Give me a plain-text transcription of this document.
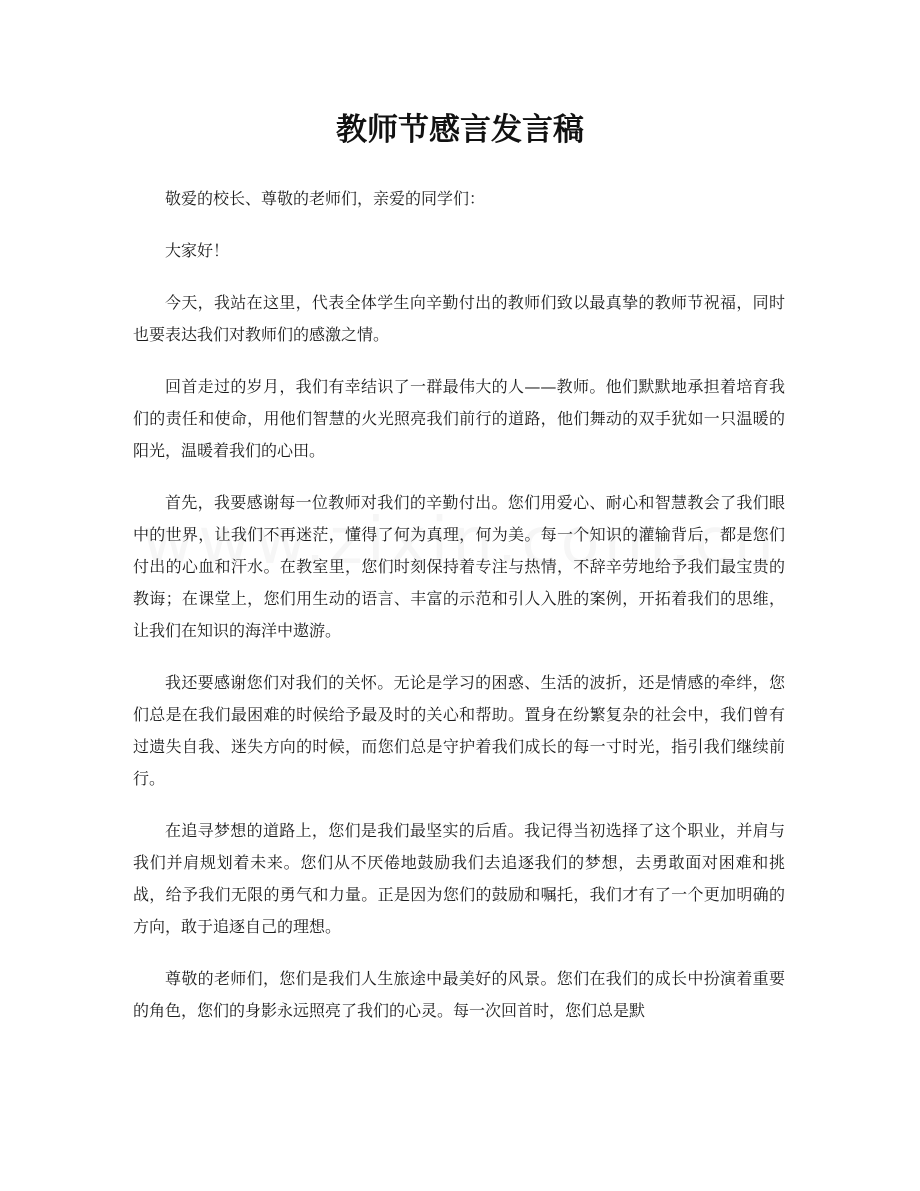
教师节感言发言稿

敬爱的校长、尊敬的老师们，亲爱的同学们：

大家好！

今天，我站在这里，代表全体学生向辛勤付出的教师们致以最真挚的教师节祝福，同时也要表达我们对教师们的感激之情。

回首走过的岁月，我们有幸结识了一群最伟大的人——教师。他们默默地承担着培育我们的责任和使命，用他们智慧的火光照亮我们前行的道路，他们舞动的双手犹如一只温暖的阳光，温暖着我们的心田。

首先，我要感谢每一位教师对我们的辛勤付出。您们用爱心、耐心和智慧教会了我们眼中的世界，让我们不再迷茫，懂得了何为真理，何为美。每一个知识的灌输背后，都是您们付出的心血和汗水。在教室里，您们时刻保持着专注与热情，不辞辛劳地给予我们最宝贵的教诲；在课堂上，您们用生动的语言、丰富的示范和引人入胜的案例，开拓着我们的思维，让我们在知识的海洋中遨游。

我还要感谢您们对我们的关怀。无论是学习的困惑、生活的波折，还是情感的牵绊，您们总是在我们最困难的时候给予最及时的关心和帮助。置身在纷繁复杂的社会中，我们曾有过遗失自我、迷失方向的时候，而您们总是守护着我们成长的每一寸时光，指引我们继续前行。

在追寻梦想的道路上，您们是我们最坚实的后盾。我记得当初选择了这个职业，并肩与我们并肩规划着未来。您们从不厌倦地鼓励我们去追逐我们的梦想，去勇敢面对困难和挑战，给予我们无限的勇气和力量。正是因为您们的鼓励和嘱托，我们才有了一个更加明确的方向，敢于追逐自己的理想。

尊敬的老师们，您们是我们人生旅途中最美好的风景。您们在我们的成长中扮演着重要的角色，您们的身影永远照亮了我们的心灵。每一次回首时，您们总是默
